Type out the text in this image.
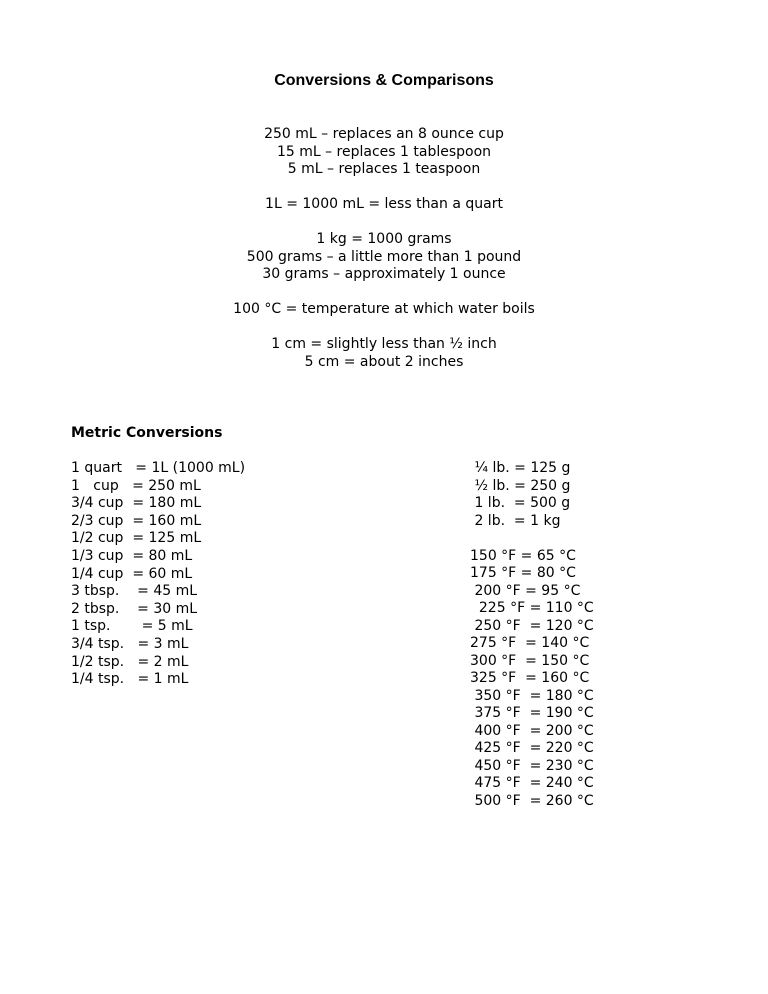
Conversions & Comparisons
250 mL – replaces an 8 ounce cup
15 mL – replaces 1 tablespoon
5 mL – replaces 1 teaspoon
1L = 1000 mL = less than a quart
1 kg = 1000 grams
500 grams – a little more than 1 pound
30 grams – approximately 1 ounce
100 °C = temperature at which water boils
1 cm = slightly less than ½ inch
5 cm = about 2 inches
Metric Conversions
1 quart   = 1L (1000 mL)
1   cup   = 250 mL
3/4 cup  = 180 mL
2/3 cup  = 160 mL
1/2 cup  = 125 mL
1/3 cup  = 80 mL
1/4 cup  = 60 mL
3 tbsp.    = 45 mL
2 tbsp.    = 30 mL
1 tsp.       = 5 mL
3/4 tsp.   = 3 mL
1/2 tsp.   = 2 mL
1/4 tsp.   = 1 mL
¼ lb. = 125 g
½ lb. = 250 g
1 lb.  = 500 g
2 lb.  = 1 kg
150 °F = 65 °C
175 °F = 80 °C
200 °F = 95 °C
225 °F = 110 °C
250 °F  = 120 °C
275 °F  = 140 °C
300 °F  = 150 °C
325 °F  = 160 °C
350 °F  = 180 °C
375 °F  = 190 °C
400 °F  = 200 °C
425 °F  = 220 °C
450 °F  = 230 °C
475 °F  = 240 °C
500 °F  = 260 °C
